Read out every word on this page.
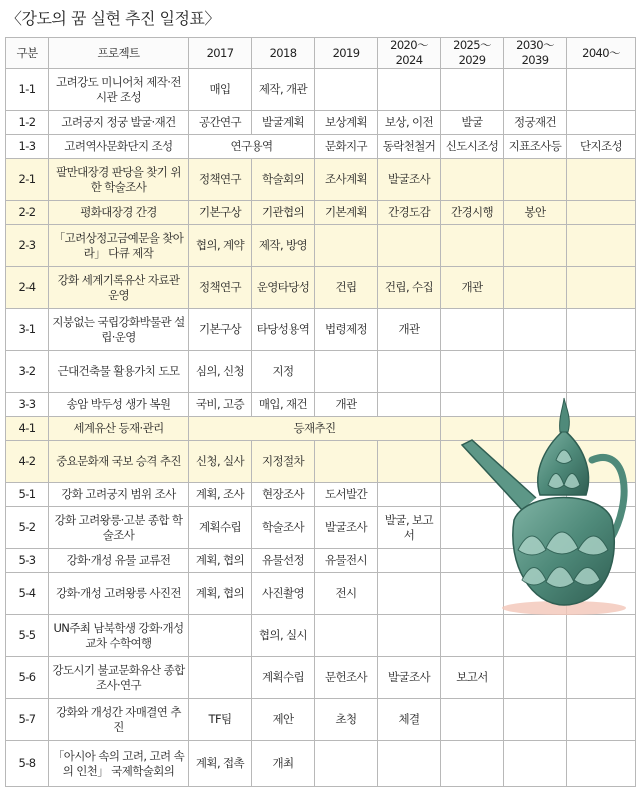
〈강도의 꿈 실현 추진 일정표〉
구분	프로젝트	2017	2018	2019	2020～2024	2025～2029	2030～2039	2040～
1-1	고려강도 미니어처 제작·전시관 조성	매입	제작, 개관					
1-2	고려궁지 정궁 발굴·재건	공간연구	발굴계획	보상계획	보상, 이전	발굴	정궁재건	
1-3	고려역사문화단지 조성	연구용역		문화지구	동락천철거	신도시조성	지표조사등	단지조성
2-1	팔만대장경 판당을 찾기 위한 학술조사	정책연구	학술회의	조사계획	발굴조사			
2-2	평화대장경 간경	기본구상	기관협의	기본계획	간경도감	간경시행	봉안	
2-3	「고려상정고금예문을 찾아라」 다큐 제작	협의, 계약	제작, 방영					
2-4	강화 세계기록유산 자료관 운영	정책연구	운영타당성	건립	건립, 수집	개관		
3-1	지붕없는 국립강화박물관 설립·운영	기본구상	타당성용역	법령제정	개관			
3-2	근대건축물 활용가치 도모	심의, 신청	지정					
3-3	송암 박두성 생가 복원	국비, 고증	매입, 재건	개관				
4-1	세계유산 등재·관리	등재추진						
4-2	중요문화재 국보 승격 추진	신청, 실사	지정절차					
5-1	강화 고려궁지 범위 조사	계획, 조사	현장조사	도서발간				
5-2	강화 고려왕릉·고분 종합 학술조사	계획수립	학술조사	발굴조사	발굴, 보고서			
5-3	강화·개성 유물 교류전	계획, 협의	유물선정	유물전시				
5-4	강화·개성 고려왕릉 사진전	계획, 협의	사진촬영	전시				
5-5	UN주최 남북학생 강화·개성 교차 수학여행		협의, 실시					
5-6	강도시기 불교문화유산 종합 조사·연구		계획수립	문헌조사	발굴조사	보고서		
5-7	강화와 개성간 자매결연 추진	TF팀	제안	초청	체결			
5-8	「아시아 속의 고려, 고려 속의 인천」 국제학술회의	계획, 접촉	개최					
